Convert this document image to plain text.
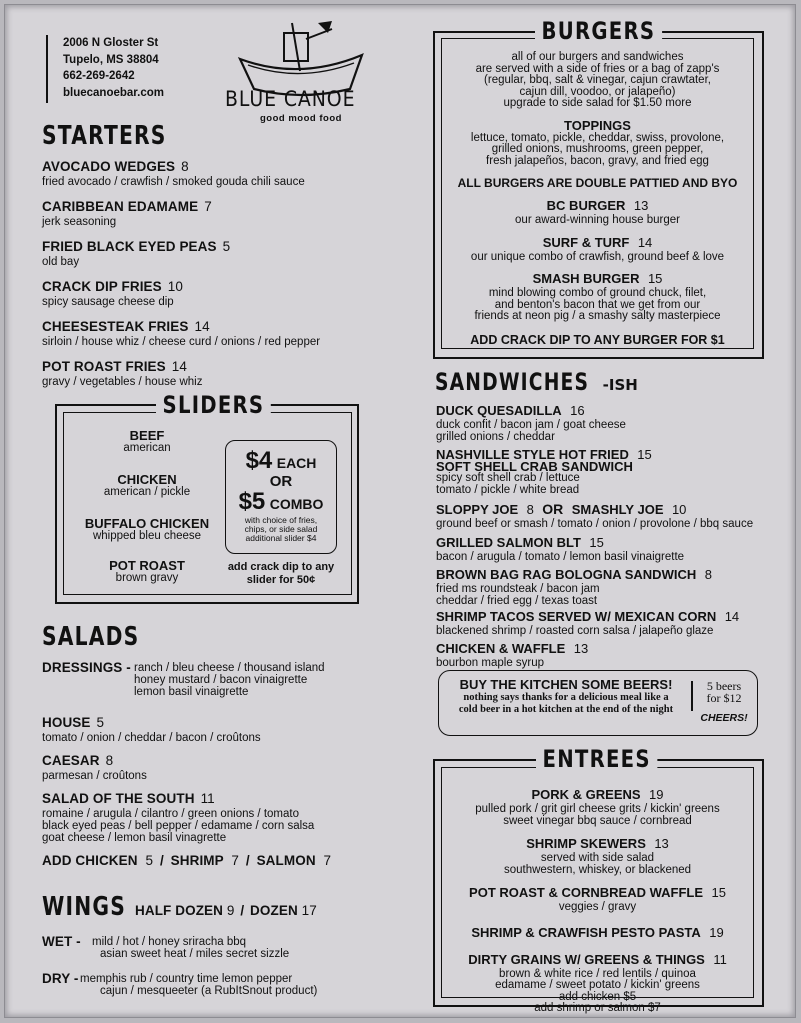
2006 N Gloster St
Tupelo, MS 38804
662-269-2642
bluecanoebar.com	BLUE CANOE
good mood food
STARTERS
AVOCADO WEDGES 8
fried avocado / crawfish / smoked gouda chili sauce
CARIBBEAN EDAMAME 7
jerk seasoning
FRIED BLACK EYED PEAS 5
old bay
CRACK DIP FRIES 10
spicy sausage cheese dip
CHEESESTEAK FRIES 14
sirloin / house whiz / cheese curd / onions / red pepper
POT ROAST FRIES 14
gravy / vegetables / house whiz
SLIDERS
BEEF
american
CHICKEN
american / pickle
BUFFALO CHICKEN
whipped bleu cheese
POT ROAST
brown gravy
$4 EACH
OR
$5 COMBO
with choice of fries,
chips, or side salad
additional slider $4
add crack dip to any
slider for 50¢
SALADS
DRESSINGS - ranch / bleu cheese / thousand island
honey mustard / bacon vinaigrette
lemon basil vinaigrette
HOUSE 5
tomato / onion / cheddar / bacon / croûtons
CAESAR 8
parmesan / croûtons
SALAD OF THE SOUTH 11
romaine / arugula / cilantro / green onions / tomato
black eyed peas / bell pepper / edamame / corn salsa
goat cheese / lemon basil vinagrette
ADD CHICKEN 5 / SHRIMP 7 / SALMON 7
WINGS HALF DOZEN 9 / DOZEN 17
WET - mild / hot / honey sriracha bbq
asian sweet heat / miles secret sizzle
DRY - memphis rub / country time lemon pepper
cajun / mesqueeter (a RubItSnout product)
BURGERS
all of our burgers and sandwiches
are served with a side of fries or a bag of zapp's
(regular, bbq, salt & vinegar, cajun crawtater,
cajun dill, voodoo, or jalapeño)
upgrade to side salad for $1.50 more
TOPPINGS
lettuce, tomato, pickle, cheddar, swiss, provolone,
grilled onions, mushrooms, green pepper,
fresh jalapeños, bacon, gravy, and fried egg
ALL BURGERS ARE DOUBLE PATTIED AND BYO
BC BURGER 13
our award-winning house burger
SURF & TURF 14
our unique combo of crawfish, ground beef & love
SMASH BURGER 15
mind blowing combo of ground chuck, filet,
and benton's bacon that we get from our
friends at neon pig / a smashy salty masterpiece
ADD CRACK DIP TO ANY BURGER FOR $1
SANDWICHES -ISH
DUCK QUESADILLA 16
duck confit / bacon jam / goat cheese
grilled onions / cheddar
NASHVILLE STYLE HOT FRIED 15
SOFT SHELL CRAB SANDWICH
spicy soft shell crab / lettuce
tomato / pickle / white bread
SLOPPY JOE 8 OR SMASHLY JOE 10
ground beef or smash / tomato / onion / provolone / bbq sauce
GRILLED SALMON BLT 15
bacon / arugula / tomato / lemon basil vinaigrette
BROWN BAG RAG BOLOGNA SANDWICH 8
fried ms roundsteak / bacon jam
cheddar / fried egg / texas toast
SHRIMP TACOS SERVED W/ MEXICAN CORN 14
blackened shrimp / roasted corn salsa / jalapeño glaze
CHICKEN & WAFFLE 13
bourbon maple syrup
BUY THE KITCHEN SOME BEERS!
nothing says thanks for a delicious meal like a
cold beer in a hot kitchen at the end of the night
5 beers
for $12
CHEERS!
ENTREES
PORK & GREENS 19
pulled pork / grit girl cheese grits / kickin' greens
sweet vinegar bbq sauce / cornbread
SHRIMP SKEWERS 13
served with side salad
southwestern, whiskey, or blackened
POT ROAST & CORNBREAD WAFFLE 15
veggies / gravy
SHRIMP & CRAWFISH PESTO PASTA 19
DIRTY GRAINS W/ GREENS & THINGS 11
brown & white rice / red lentils / quinoa
edamame / sweet potato / kickin' greens
add chicken $5
add shrimp or salmon $7
